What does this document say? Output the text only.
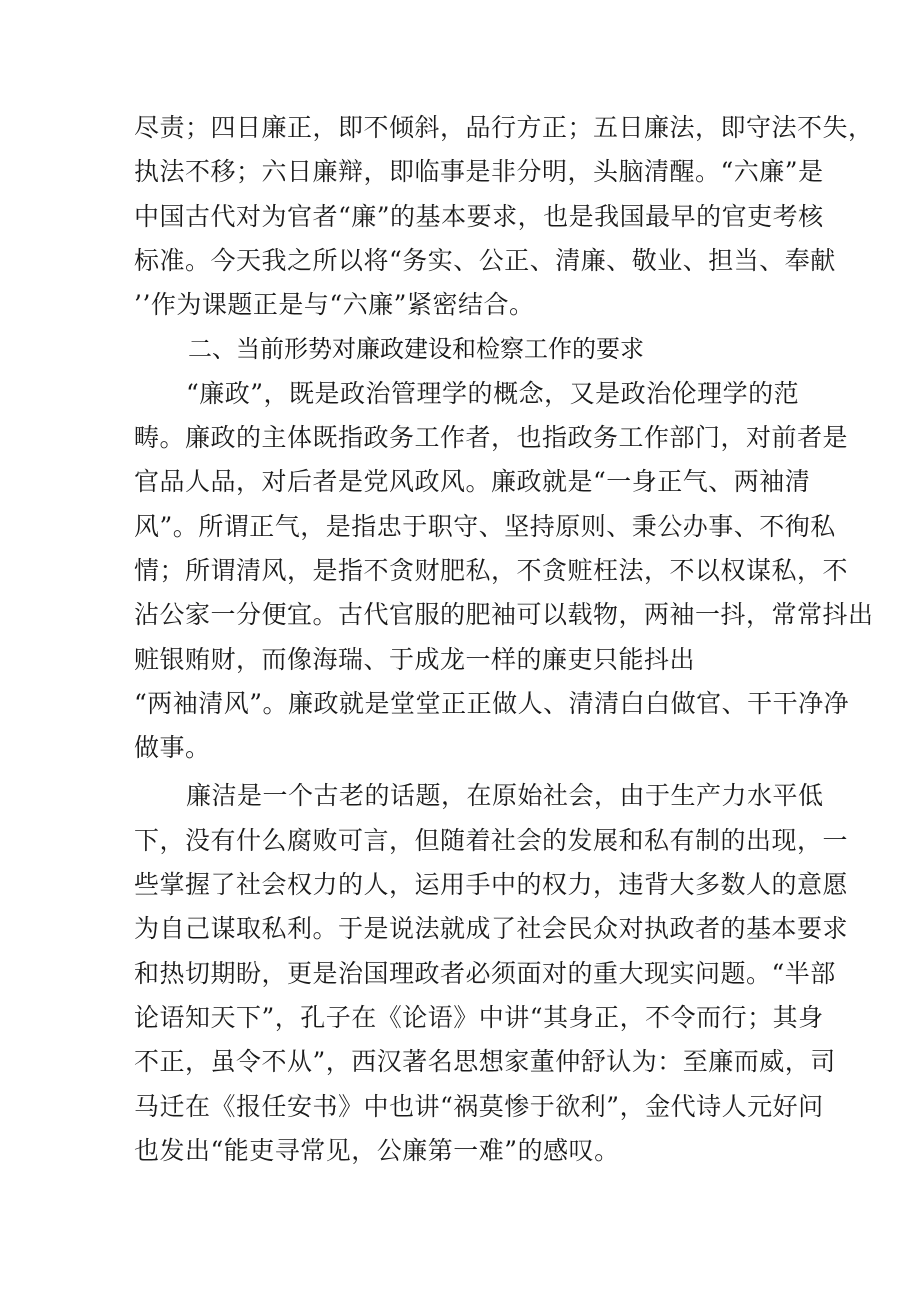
尽责；四日廉正，即不倾斜，品行方正；五日廉法，即守法不失，
执法不移；六日廉辩，即临事是非分明，头脑清醒。“六廉”是
中国古代对为官者“廉”的基本要求，也是我国最早的官吏考核
标准。今天我之所以将“务实、公正、清廉、敬业、担当、奉献
’’作为课题正是与“六廉”紧密结合。
二、当前形势对廉政建设和检察工作的要求
“廉政”，既是政治管理学的概念，又是政治伦理学的范
畴。廉政的主体既指政务工作者，也指政务工作部门，对前者是
官品人品，对后者是党风政风。廉政就是“一身正气、两袖清
风”。所谓正气，是指忠于职守、坚持原则、秉公办事、不徇私
情；所谓清风，是指不贪财肥私，不贪赃枉法，不以权谋私，不
沾公家一分便宜。古代官服的肥袖可以载物，两袖一抖，常常抖出
赃银贿财，而像海瑞、于成龙一样的廉吏只能抖出
“两袖清风”。廉政就是堂堂正正做人、清清白白做官、干干净净
做事。
廉洁是一个古老的话题，在原始社会，由于生产力水平低
下，没有什么腐败可言，但随着社会的发展和私有制的出现，一
些掌握了社会权力的人，运用手中的权力，违背大多数人的意愿
为自己谋取私利。于是说法就成了社会民众对执政者的基本要求
和热切期盼，更是治国理政者必须面对的重大现实问题。“半部
论语知天下”，孔子在《论语》中讲“其身正，不令而行；其身
不正，虽令不从”，西汉著名思想家董仲舒认为：至廉而威，司
马迁在《报任安书》中也讲“祸莫惨于欲利”，金代诗人元好问
也发出“能吏寻常见，公廉第一难”的感叹。
